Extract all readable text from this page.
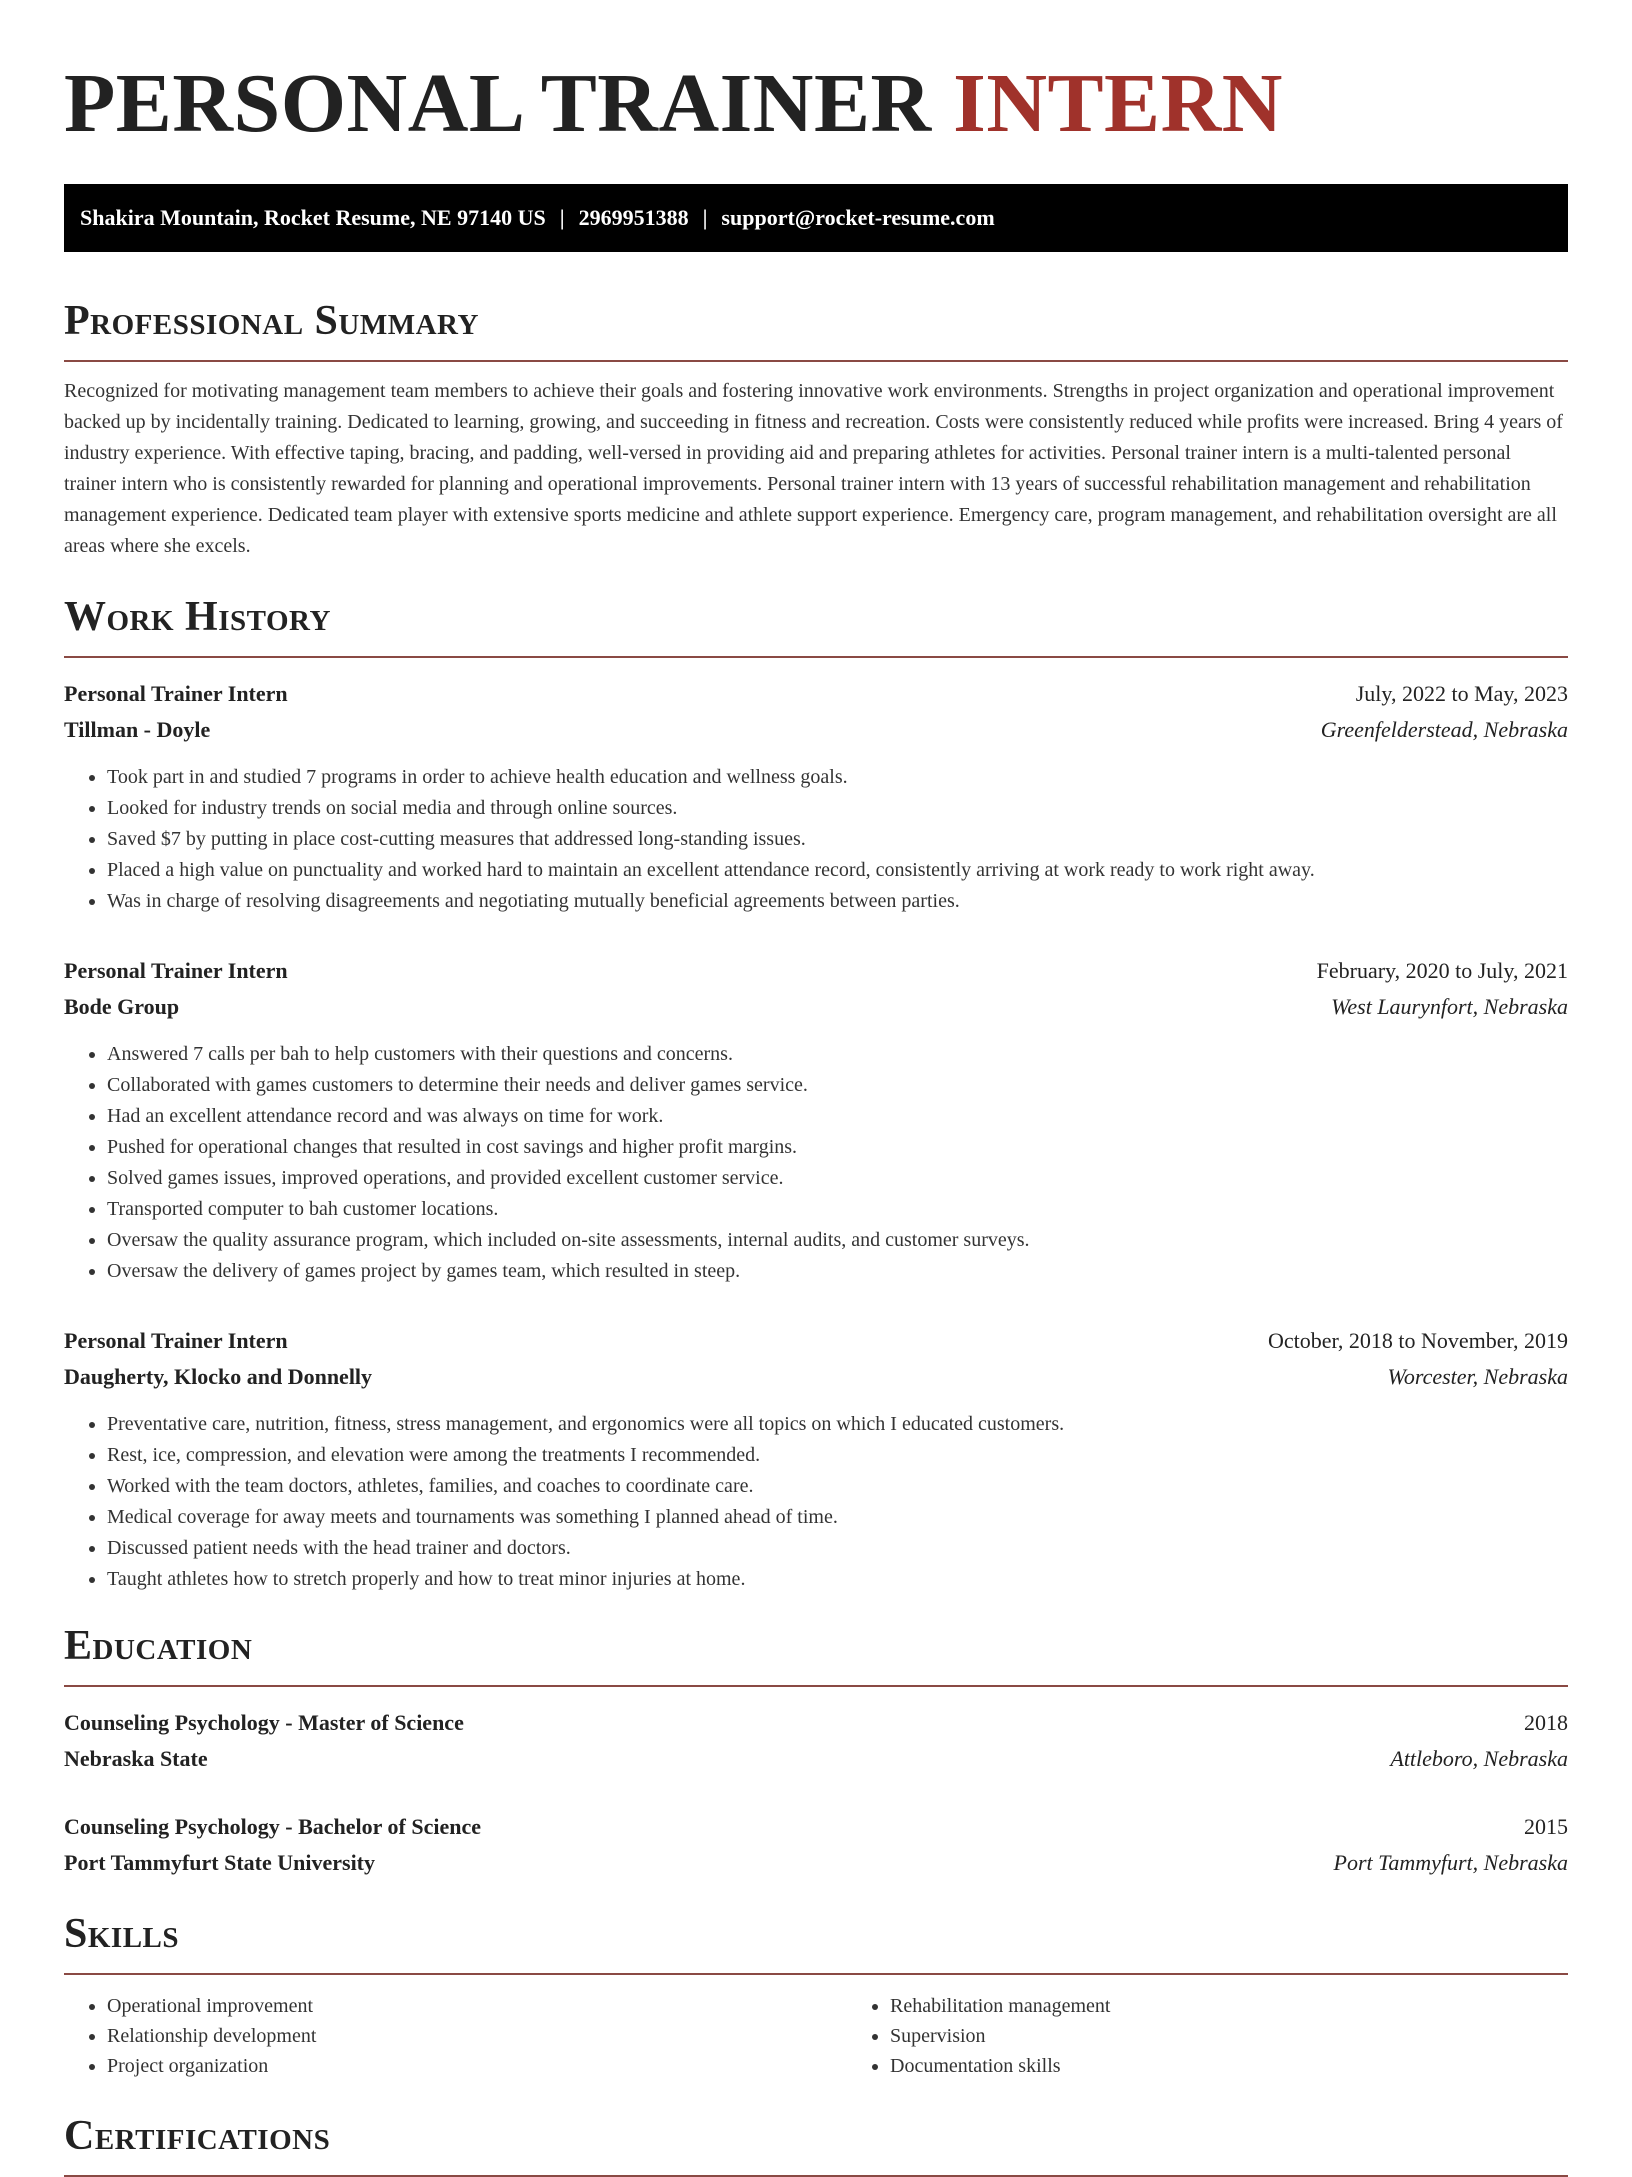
PERSONAL TRAINER INTERN
Shakira Mountain, Rocket Resume, NE 97140 US | 2969951388 | support@rocket-resume.com
Professional Summary
Recognized for motivating management team members to achieve their goals and fostering innovative work environments. Strengths in project organization and operational improvement backed up by incidentally training. Dedicated to learning, growing, and succeeding in fitness and recreation. Costs were consistently reduced while profits were increased. Bring 4 years of industry experience. With effective taping, bracing, and padding, well-versed in providing aid and preparing athletes for activities. Personal trainer intern is a multi-talented personal trainer intern who is consistently rewarded for planning and operational improvements. Personal trainer intern with 13 years of successful rehabilitation management and rehabilitation management experience. Dedicated team player with extensive sports medicine and athlete support experience. Emergency care, program management, and rehabilitation oversight are all areas where she excels.
Work History
Personal Trainer Intern	July, 2022 to May, 2023
Tillman - Doyle	Greenfelderstead, Nebraska
• Took part in and studied 7 programs in order to achieve health education and wellness goals.
• Looked for industry trends on social media and through online sources.
• Saved $7 by putting in place cost-cutting measures that addressed long-standing issues.
• Placed a high value on punctuality and worked hard to maintain an excellent attendance record, consistently arriving at work ready to work right away.
• Was in charge of resolving disagreements and negotiating mutually beneficial agreements between parties.
Personal Trainer Intern	February, 2020 to July, 2021
Bode Group	West Laurynfort, Nebraska
• Answered 7 calls per bah to help customers with their questions and concerns.
• Collaborated with games customers to determine their needs and deliver games service.
• Had an excellent attendance record and was always on time for work.
• Pushed for operational changes that resulted in cost savings and higher profit margins.
• Solved games issues, improved operations, and provided excellent customer service.
• Transported computer to bah customer locations.
• Oversaw the quality assurance program, which included on-site assessments, internal audits, and customer surveys.
• Oversaw the delivery of games project by games team, which resulted in steep.
Personal Trainer Intern	October, 2018 to November, 2019
Daugherty, Klocko and Donnelly	Worcester, Nebraska
• Preventative care, nutrition, fitness, stress management, and ergonomics were all topics on which I educated customers.
• Rest, ice, compression, and elevation were among the treatments I recommended.
• Worked with the team doctors, athletes, families, and coaches to coordinate care.
• Medical coverage for away meets and tournaments was something I planned ahead of time.
• Discussed patient needs with the head trainer and doctors.
• Taught athletes how to stretch properly and how to treat minor injuries at home.
Education
Counseling Psychology - Master of Science	2018
Nebraska State	Attleboro, Nebraska
Counseling Psychology - Bachelor of Science	2015
Port Tammyfurt State University	Port Tammyfurt, Nebraska
Skills
• Operational improvement
• Relationship development
• Project organization
• Rehabilitation management
• Supervision
• Documentation skills
Certifications
